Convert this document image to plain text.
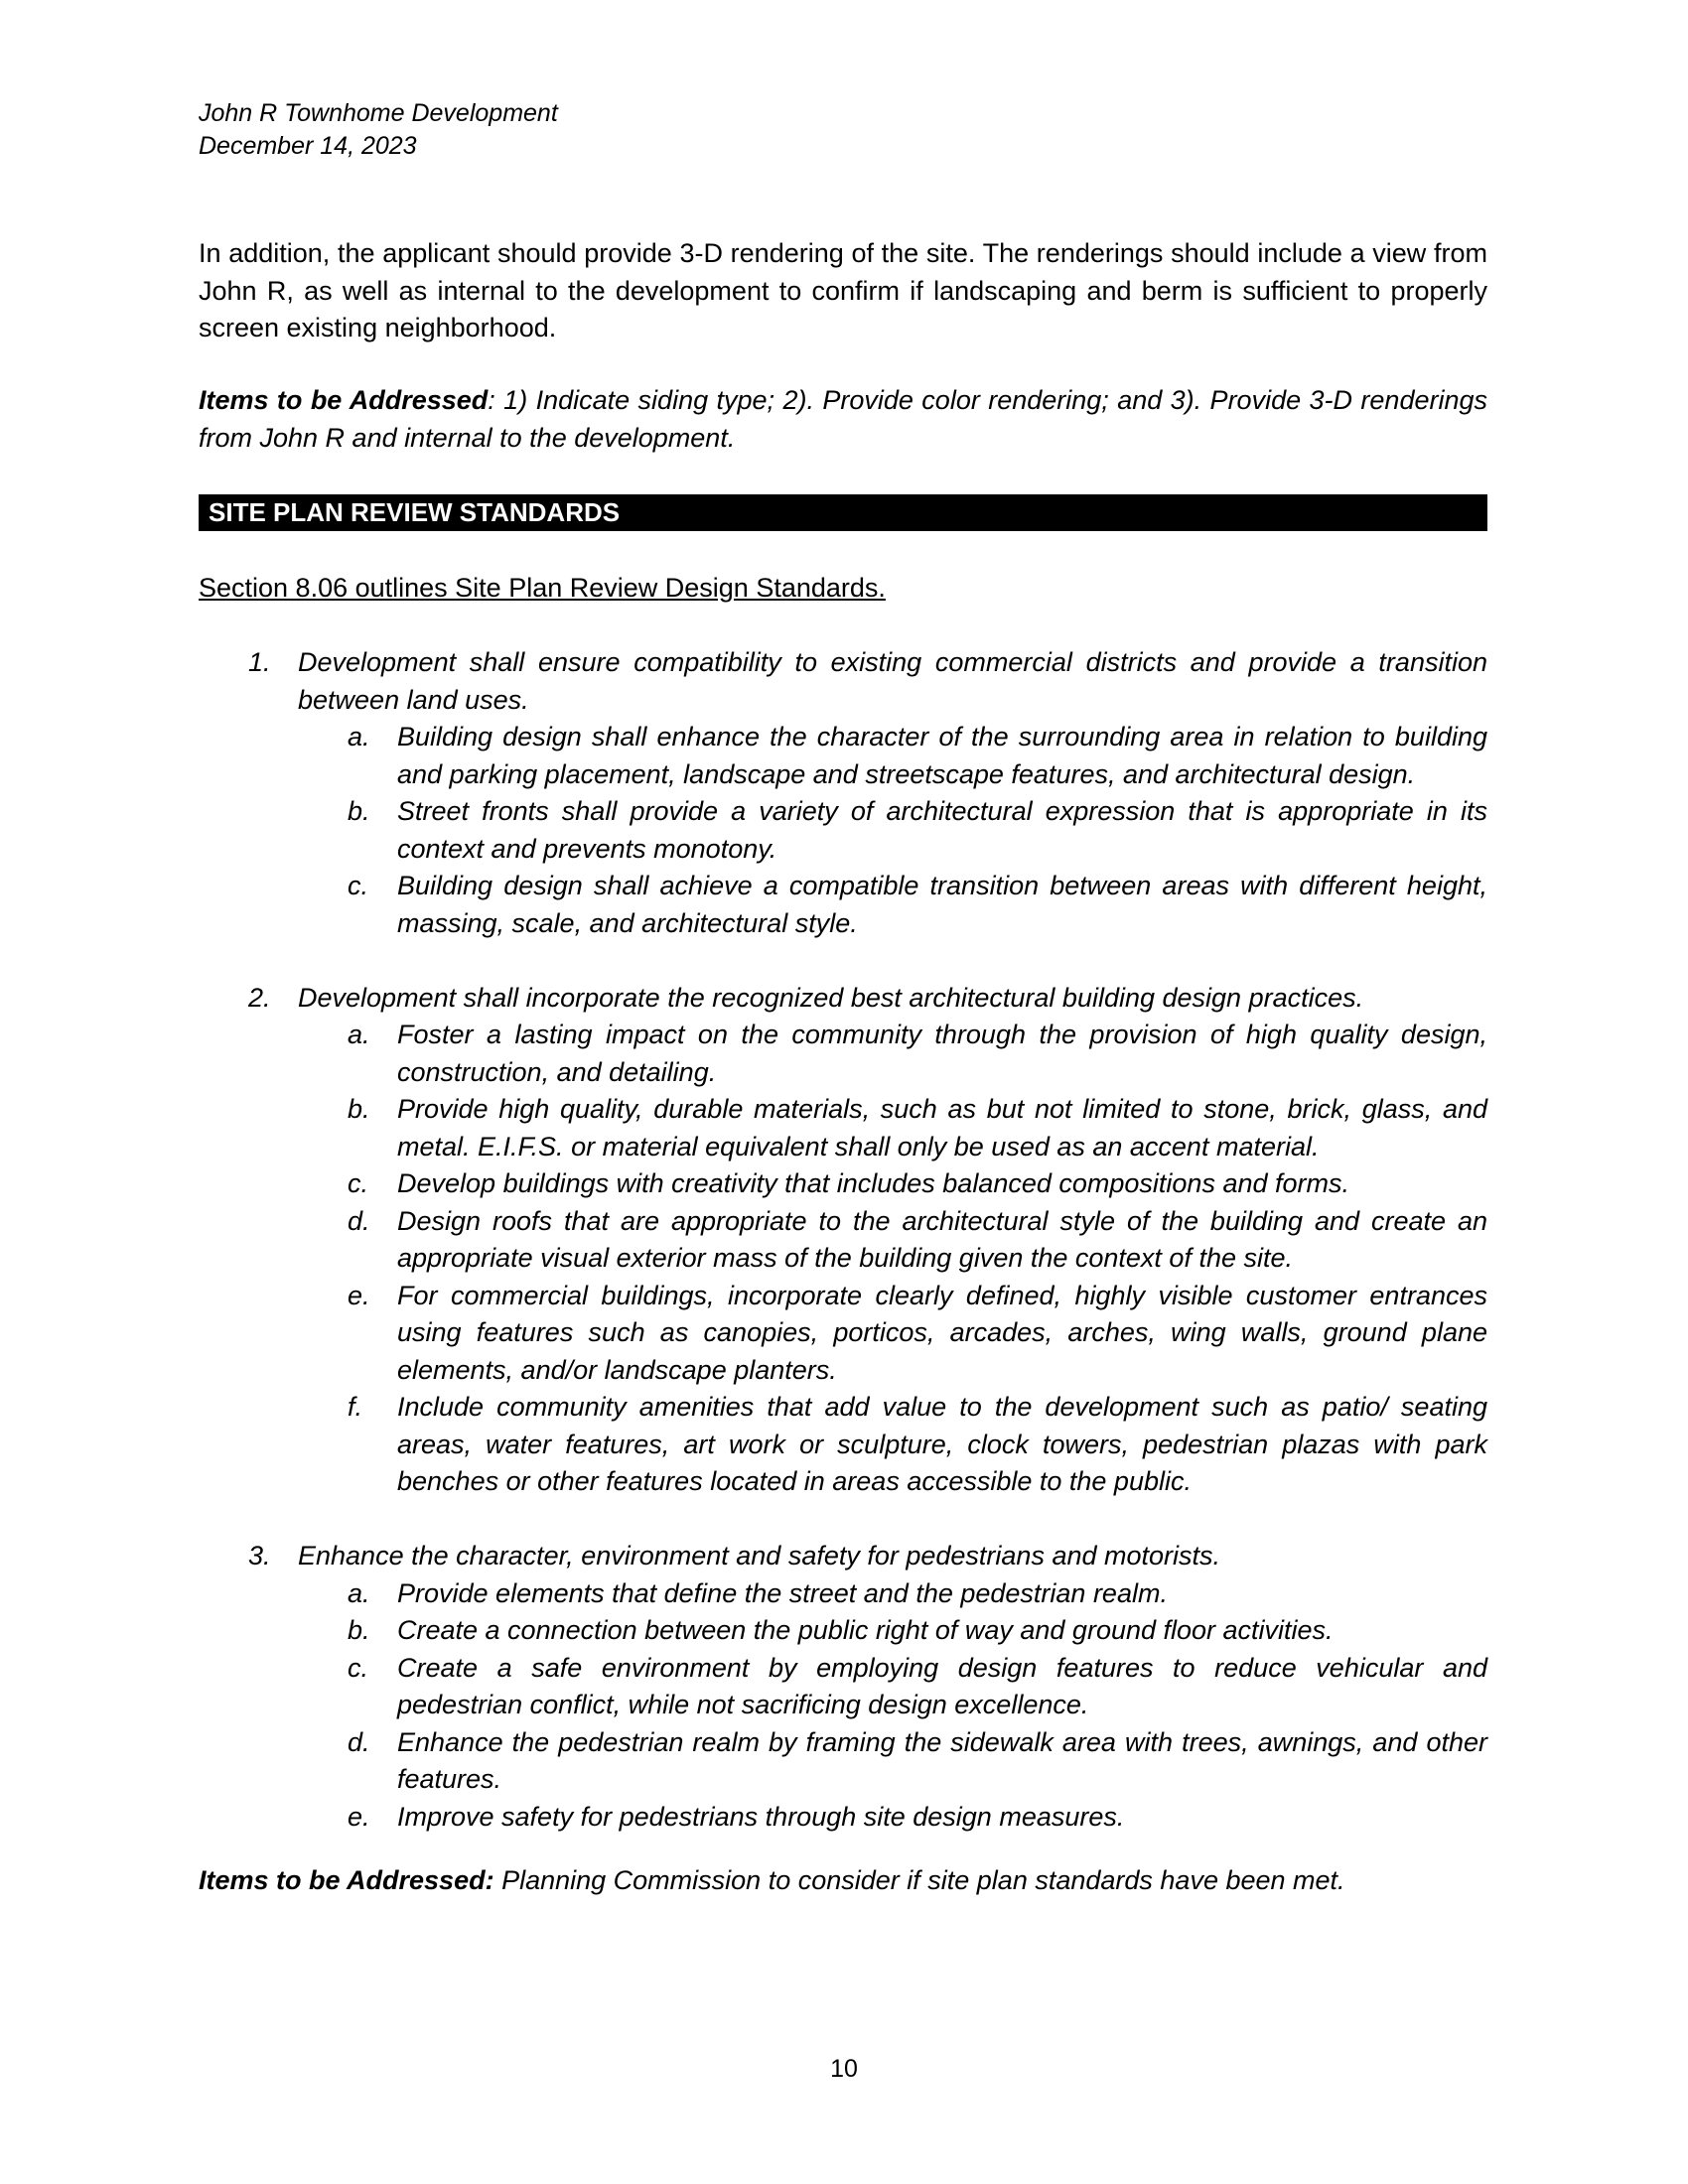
John R Townhome Development
December 14, 2023
In addition, the applicant should provide 3-D rendering of the site. The renderings should include a view from John R, as well as internal to the development to confirm if landscaping and berm is sufficient to properly screen existing neighborhood.
Items to be Addressed: 1) Indicate siding type; 2). Provide color rendering; and 3). Provide 3-D renderings from John R and internal to the development.
SITE PLAN REVIEW STANDARDS
Section 8.06 outlines Site Plan Review Design Standards.
1. Development shall ensure compatibility to existing commercial districts and provide a transition between land uses.
a. Building design shall enhance the character of the surrounding area in relation to building and parking placement, landscape and streetscape features, and architectural design.
b. Street fronts shall provide a variety of architectural expression that is appropriate in its context and prevents monotony.
c. Building design shall achieve a compatible transition between areas with different height, massing, scale, and architectural style.
2. Development shall incorporate the recognized best architectural building design practices.
a. Foster a lasting impact on the community through the provision of high quality design, construction, and detailing.
b. Provide high quality, durable materials, such as but not limited to stone, brick, glass, and metal. E.I.F.S. or material equivalent shall only be used as an accent material.
c. Develop buildings with creativity that includes balanced compositions and forms.
d. Design roofs that are appropriate to the architectural style of the building and create an appropriate visual exterior mass of the building given the context of the site.
e. For commercial buildings, incorporate clearly defined, highly visible customer entrances using features such as canopies, porticos, arcades, arches, wing walls, ground plane elements, and/or landscape planters.
f. Include community amenities that add value to the development such as patio/ seating areas, water features, art work or sculpture, clock towers, pedestrian plazas with park benches or other features located in areas accessible to the public.
3. Enhance the character, environment and safety for pedestrians and motorists.
a. Provide elements that define the street and the pedestrian realm.
b. Create a connection between the public right of way and ground floor activities.
c. Create a safe environment by employing design features to reduce vehicular and pedestrian conflict, while not sacrificing design excellence.
d. Enhance the pedestrian realm by framing the sidewalk area with trees, awnings, and other features.
e. Improve safety for pedestrians through site design measures.
Items to be Addressed: Planning Commission to consider if site plan standards have been met.
10
